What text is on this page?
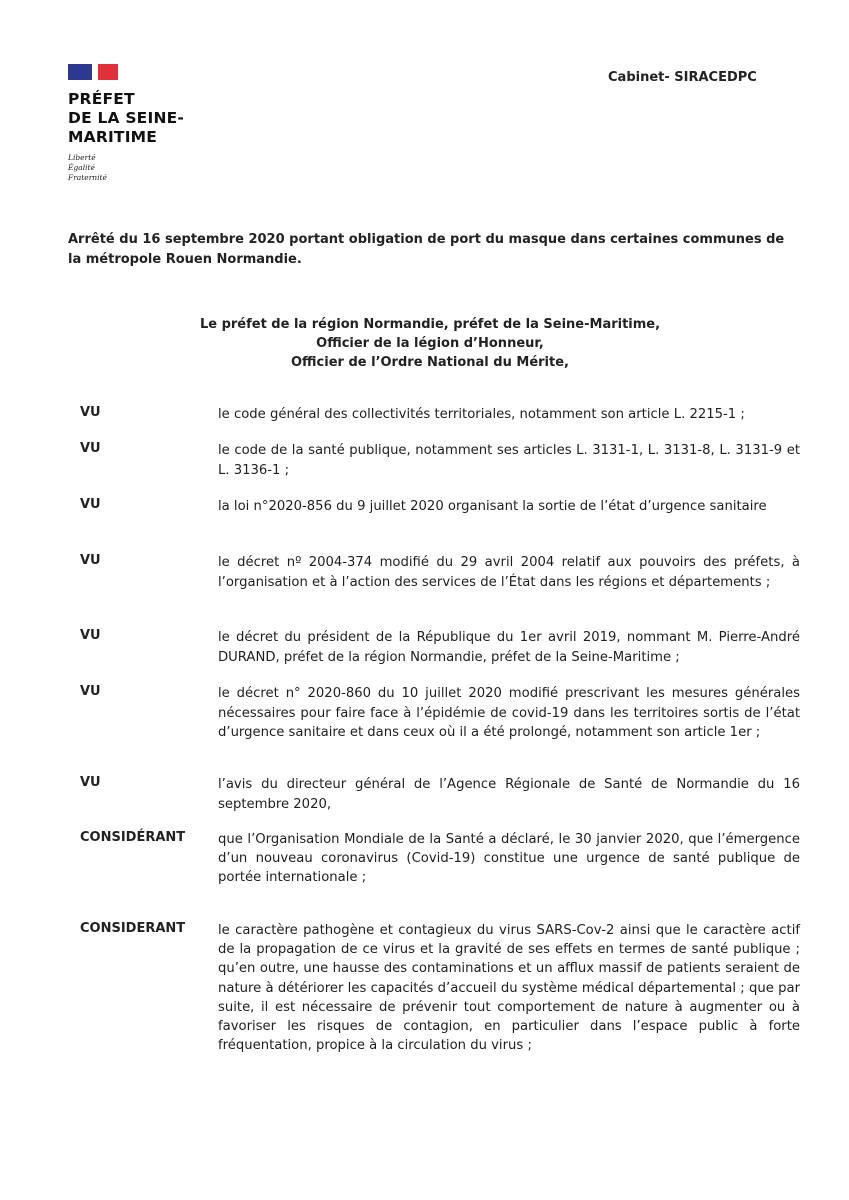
PRÉFET
DE LA SEINE-
MARITIME
Liberté
Égalité
Fraternité
Cabinet- SIRACEDPC
Arrêté du 16 septembre 2020 portant obligation de port du masque dans certaines communes de la métropole Rouen Normandie.
Le préfet de la région Normandie, préfet de la Seine-Maritime,
Officier de la légion d’Honneur,
Officier de l’Ordre National du Mérite,
VU	le code général des collectivités territoriales, notamment son article L. 2215-1 ;
VU	le code de la santé publique, notamment ses articles L. 3131-1, L. 3131-8, L. 3131-9 et L. 3136-1 ;
VU	la loi n°2020-856 du 9 juillet 2020 organisant la sortie de l’état d’urgence sanitaire
VU	le décret nº 2004-374 modifié du 29 avril 2004 relatif aux pouvoirs des préfets, à l’organisation et à l’action des services de l’État dans les régions et départements ;
VU	le décret du président de la République du 1er avril 2019, nommant M. Pierre-André DURAND, préfet de la région Normandie, préfet de la Seine-Maritime ;
VU	le décret n° 2020-860 du 10 juillet 2020 modifié prescrivant les mesures générales nécessaires pour faire face à l’épidémie de covid-19 dans les territoires sortis de l’état d’urgence sanitaire et dans ceux où il a été prolongé, notamment son article 1er ;
VU	l’avis du directeur général de l’Agence Régionale de Santé de Normandie du 16 septembre 2020,
CONSIDÉRANT que l’Organisation Mondiale de la Santé a déclaré, le 30 janvier 2020, que l’émergence d’un nouveau coronavirus (Covid-19) constitue une urgence de santé publique de portée internationale ;
CONSIDERANT le caractère pathogène et contagieux du virus SARS-Cov-2 ainsi que le caractère actif de la propagation de ce virus et la gravité de ses effets en termes de santé publique ; qu’en outre, une hausse des contaminations et un afflux massif de patients seraient de nature à détériorer les capacités d’accueil du système médical départemental ; que par suite, il est nécessaire de prévenir tout comportement de nature à augmenter ou à favoriser les risques de contagion, en particulier dans l’espace public à forte fréquentation, propice à la circulation du virus ;
